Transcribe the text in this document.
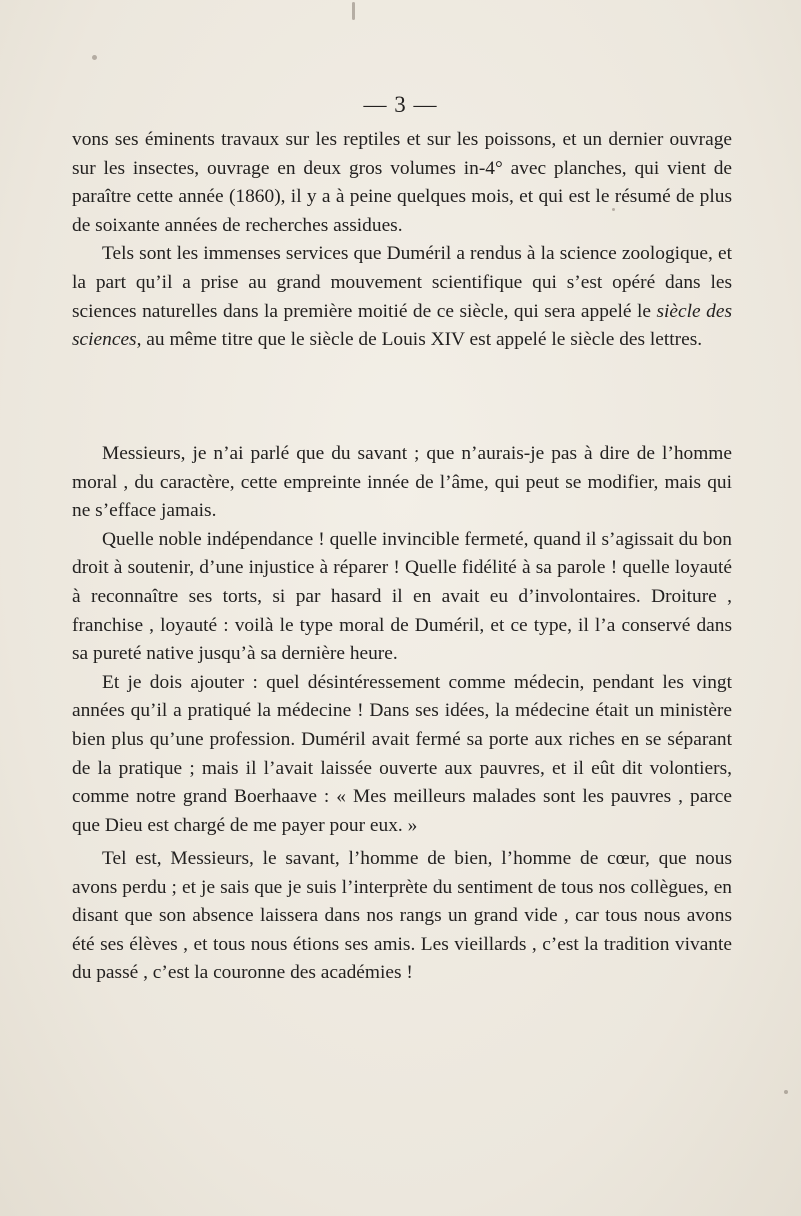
— 3 —

vons ses éminents travaux sur les reptiles et sur les poissons, et un dernier ouvrage sur les insectes, ouvrage en deux gros volumes in-4° avec planches, qui vient de paraître cette année (1860), il y a à peine quelques mois, et qui est le résumé de plus de soixante années de recherches assidues.

Tels sont les immenses services que Duméril a rendus à la science zoologique, et la part qu’il a prise au grand mouvement scientifique qui s’est opéré dans les sciences naturelles dans la première moitié de ce siècle, qui sera appelé le siècle des sciences, au même titre que le siècle de Louis XIV est appelé le siècle des lettres.

Messieurs, je n’ai parlé que du savant ; que n’aurais-je pas à dire de l’homme moral , du caractère, cette empreinte innée de l’âme, qui peut se modifier, mais qui ne s’efface jamais.

Quelle noble indépendance ! quelle invincible fermeté, quand il s’agissait du bon droit à soutenir, d’une injustice à réparer ! Quelle fidélité à sa parole ! quelle loyauté à reconnaître ses torts, si par hasard il en avait eu d’involontaires. Droiture , franchise , loyauté : voilà le type moral de Duméril, et ce type, il l’a conservé dans sa pureté native jusqu’à sa dernière heure.

Et je dois ajouter : quel désintéressement comme médecin, pendant les vingt années qu’il a pratiqué la médecine ! Dans ses idées, la médecine était un ministère bien plus qu’une profession. Duméril avait fermé sa porte aux riches en se séparant de la pratique ; mais il l’avait laissée ouverte aux pauvres, et il eût dit volontiers, comme notre grand Boerhaave : « Mes meilleurs malades sont les pauvres , parce que Dieu est chargé de me payer pour eux. »

Tel est, Messieurs, le savant, l’homme de bien, l’homme de cœur, que nous avons perdu ; et je sais que je suis l’interprète du sentiment de tous nos collègues, en disant que son absence laissera dans nos rangs un grand vide , car tous nous avons été ses élèves , et tous nous étions ses amis. Les vieillards , c’est la tradition vivante du passé , c’est la couronne des académies !
